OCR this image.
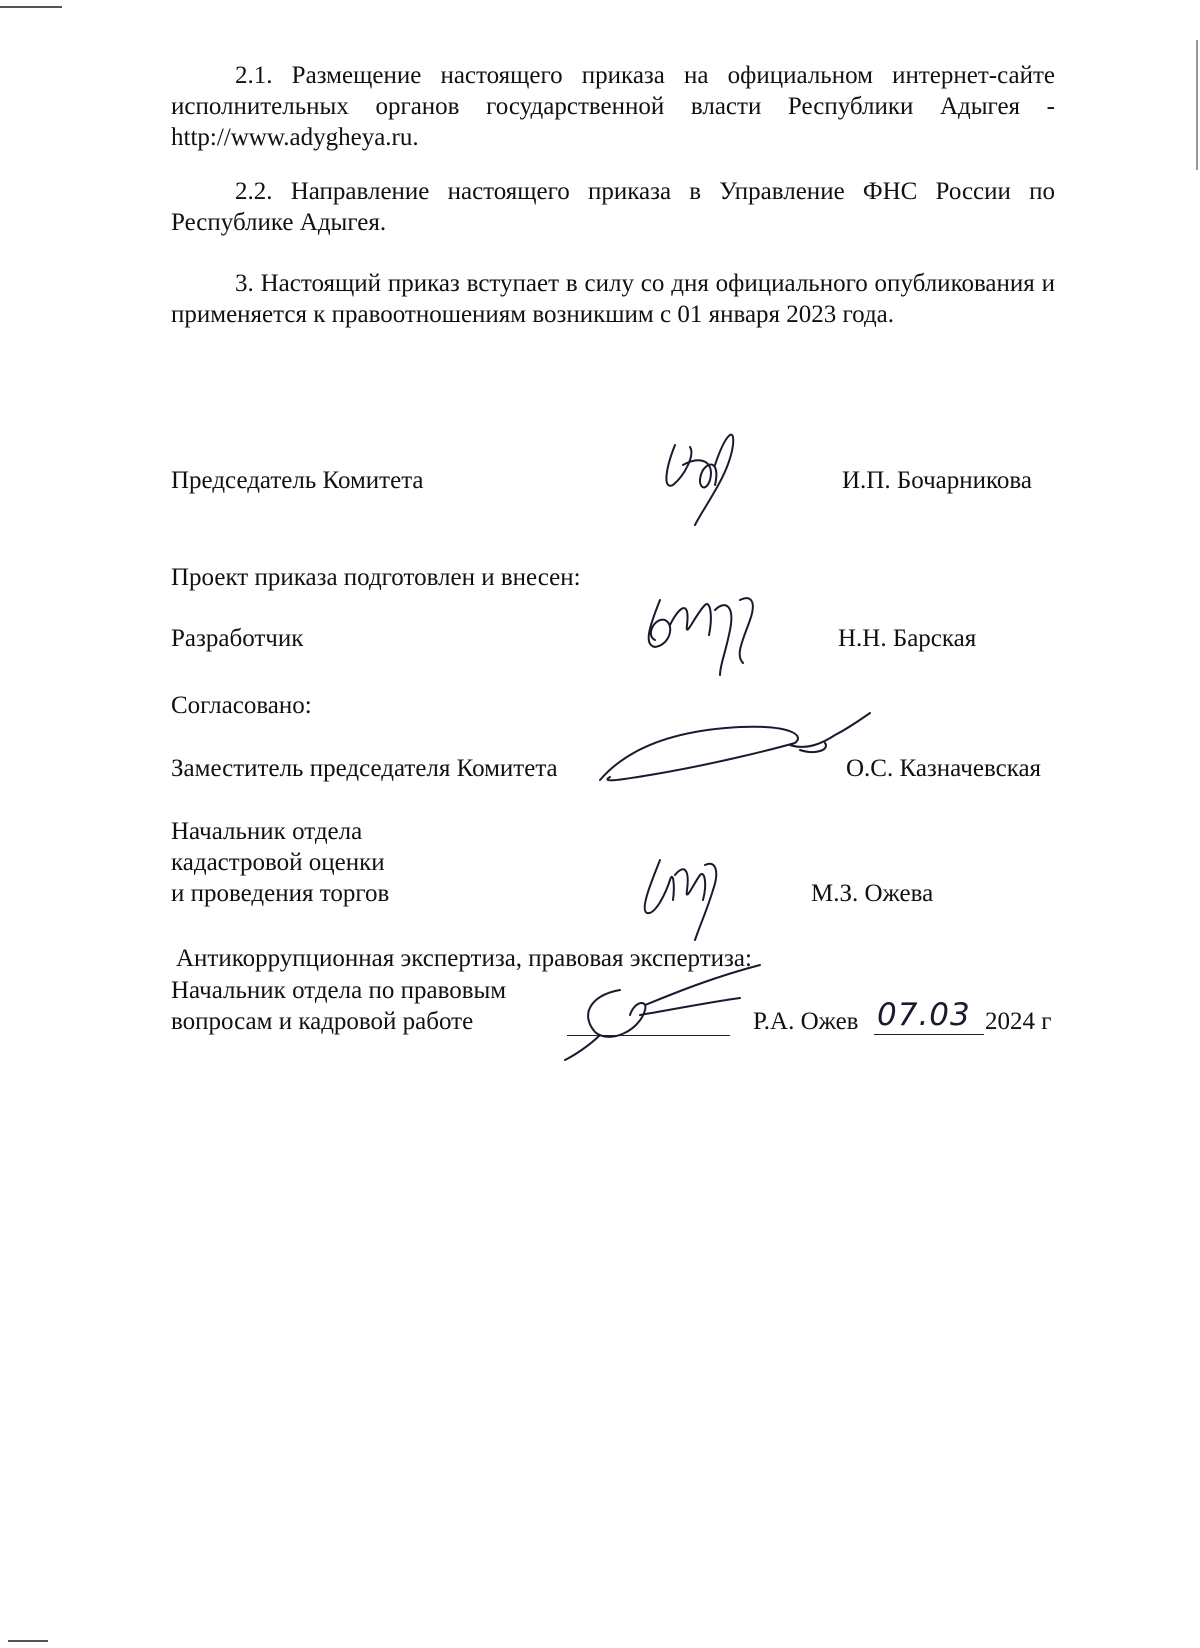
2.1. Размещение настоящего приказа на официальном интернет-сайте исполнительных органов государственной власти Республики Адыгея - http://www.adygheya.ru.

2.2. Направление настоящего приказа в Управление ФНС России по Республике Адыгея.

3. Настоящий приказ вступает в силу со дня официального опубликования и применяется к правоотношениям возникшим с 01 января 2023 года.

Председатель Комитета	И.П. Бочарникова
Проект приказа подготовлен и внесен:
Разработчик	Н.Н. Барская
Согласовано:
Заместитель председателя Комитета	О.С. Казначевская
Начальник отдела
кадастровой оценки
и проведения торгов	М.З. Ожева
Антикоррупционная экспертиза, правовая экспертиза:
Начальник отдела по правовым
вопросам и кадровой работе	Р.А. Ожев 07.03 2024 г
